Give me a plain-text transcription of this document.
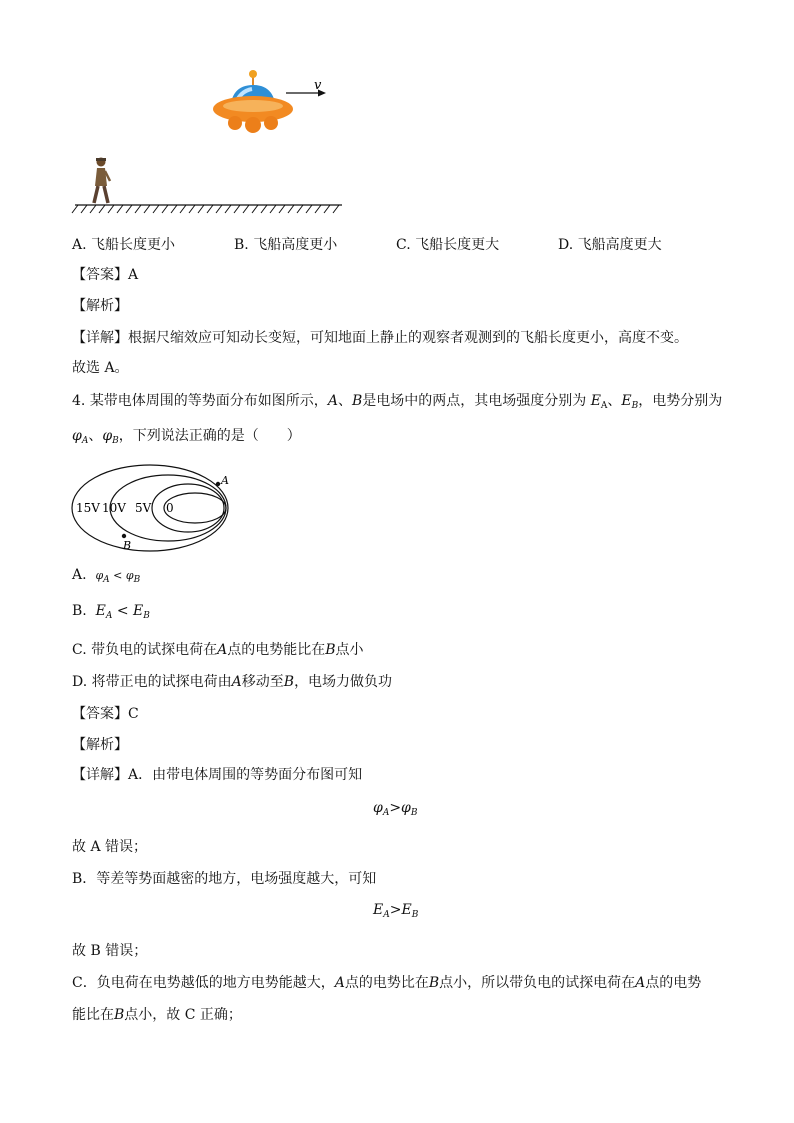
v
A. 飞船长度更小	B. 飞船高度更小	C. 飞船长度更大	D. 飞船高度更大
【答案】A
【解析】
【详解】根据尺缩效应可知动长变短，可知地面上静止的观察者观测到的飞船长度更小，高度不变。
故选 A。
4. 某带电体周围的等势面分布如图所示，A、B是电场中的两点，其电场强度分别为 $E_A$、$E_B$，电势分别为
$\varphi_A$、$\varphi_B$，下列说法正确的是（　　）
15V 10V 5V 0
A
B
A. $\varphi_A < \varphi_B$
B. $E_A < E_B$
C. 带负电的试探电荷在A点的电势能比在B点小
D. 将带正电的试探电荷由A移动至B，电场力做负功
【答案】C
【解析】
【详解】A．由带电体周围的等势面分布图可知
$\varphi_A>\varphi_B$
故 A 错误；
B．等差等势面越密的地方，电场强度越大，可知
$E_A>E_B$
故 B 错误；
C．负电荷在电势越低的地方电势能越大，A点的电势比在B点小，所以带负电的试探电荷在A点的电势
能比在B点小，故 C 正确；
